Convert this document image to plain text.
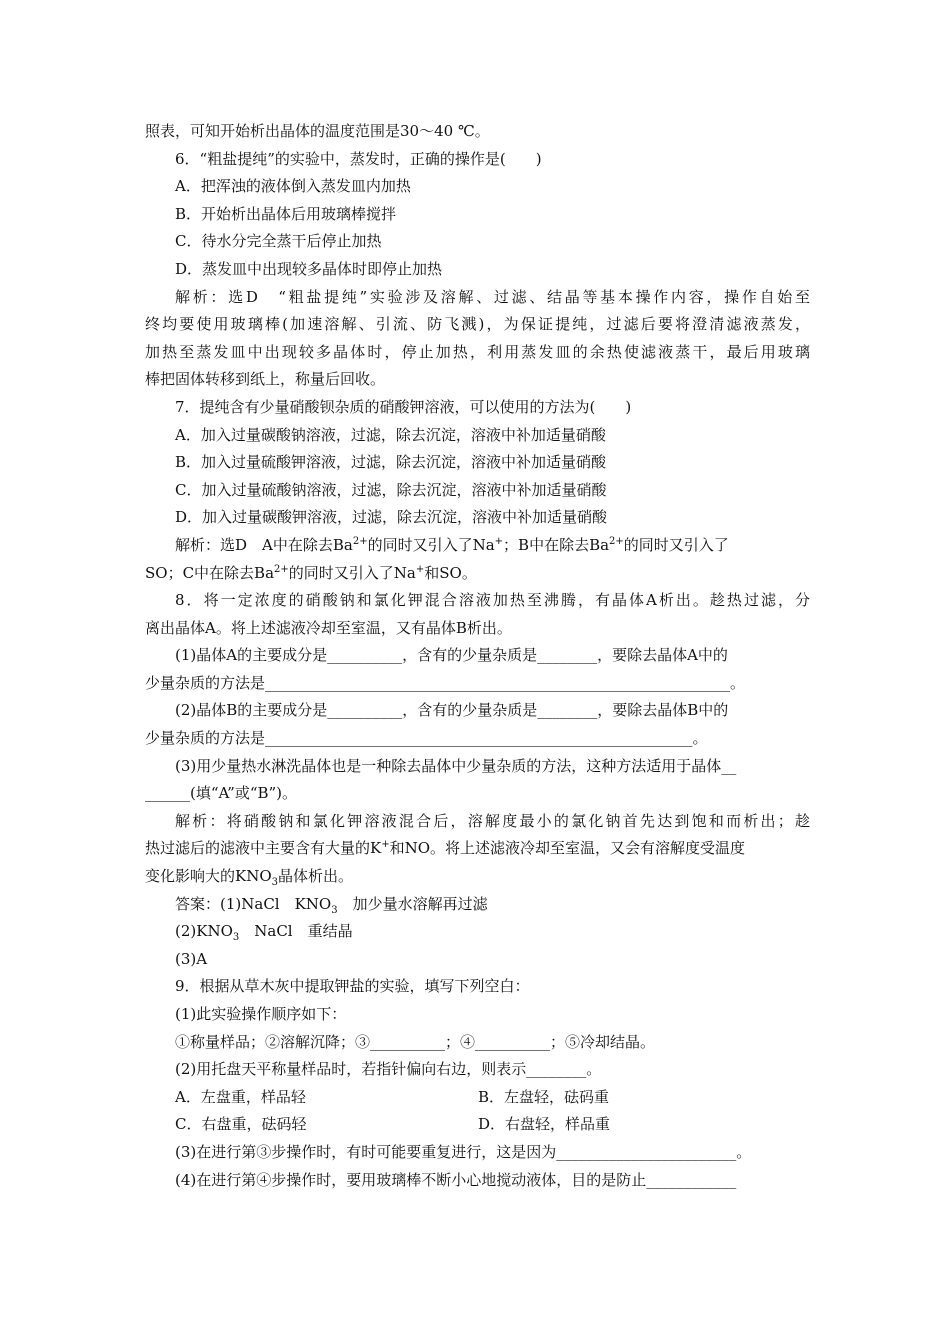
照表，可知开始析出晶体的温度范围是30～40 ℃。
6．“粗盐提纯”的实验中，蒸发时，正确的操作是(　　)
A．把浑浊的液体倒入蒸发皿内加热
B．开始析出晶体后用玻璃棒搅拌
C．待水分完全蒸干后停止加热
D．蒸发皿中出现较多晶体时即停止加热
解析：选D　“粗盐提纯”实验涉及溶解、过滤、结晶等基本操作内容，操作自始至
终均要使用玻璃棒(加速溶解、引流、防飞溅)，为保证提纯，过滤后要将澄清滤液蒸发，
加热至蒸发皿中出现较多晶体时，停止加热，利用蒸发皿的余热使滤液蒸干，最后用玻璃
棒把固体转移到纸上，称量后回收。
7．提纯含有少量硝酸钡杂质的硝酸钾溶液，可以使用的方法为(　　)
A．加入过量碳酸钠溶液，过滤，除去沉淀，溶液中补加适量硝酸
B．加入过量硫酸钾溶液，过滤，除去沉淀，溶液中补加适量硝酸
C．加入过量硫酸钠溶液，过滤，除去沉淀，溶液中补加适量硝酸
D．加入过量碳酸钾溶液，过滤，除去沉淀，溶液中补加适量硝酸
解析：选D　A中在除去$Ba^{2+}$的同时又引入了Na+；B中在除去$Ba^{2+}$的同时又引入了
SO；C中在除去$Ba^{2+}$的同时又引入了Na+和SO。
8．将一定浓度的硝酸钠和氯化钾混合溶液加热至沸腾，有晶体A析出。趁热过滤，分
离出晶体A。将上述滤液冷却至室温，又有晶体B析出。
(1)晶体A的主要成分是__________，含有的少量杂质是________，要除去晶体A中的
少量杂质的方法是______________________________________________________________。
(2)晶体B的主要成分是__________，含有的少量杂质是________，要除去晶体B中的
少量杂质的方法是_________________________________________________________。
(3)用少量热水淋洗晶体也是一种除去晶体中少量杂质的方法，这种方法适用于晶体__
______(填“A”或“B”)。
解析：将硝酸钠和氯化钾溶液混合后，溶解度最小的氯化钠首先达到饱和而析出；趁
热过滤后的滤液中主要含有大量的K+和NO。将上述滤液冷却至室温，又会有溶解度受温度
变化影响大的$KNO_3$晶体析出。
答案：(1)NaCl　$KNO_3$　加少量水溶解再过滤
$(2)KNO_3$　NaCl　重结晶
(3)A
9．根据从草木灰中提取钾盐的实验，填写下列空白：
(1)此实验操作顺序如下：
①称量样品；②溶解沉降；③__________；④__________；⑤冷却结晶。
(2)用托盘天平称量样品时，若指针偏向右边，则表示________。
A．左盘重，样品轻	B．左盘轻，砝码重
C．右盘重，砝码轻	D．右盘轻，样品重
(3)在进行第③步操作时，有时可能要重复进行，这是因为________________________。
(4)在进行第④步操作时，要用玻璃棒不断小心地搅动液体，目的是防止____________
